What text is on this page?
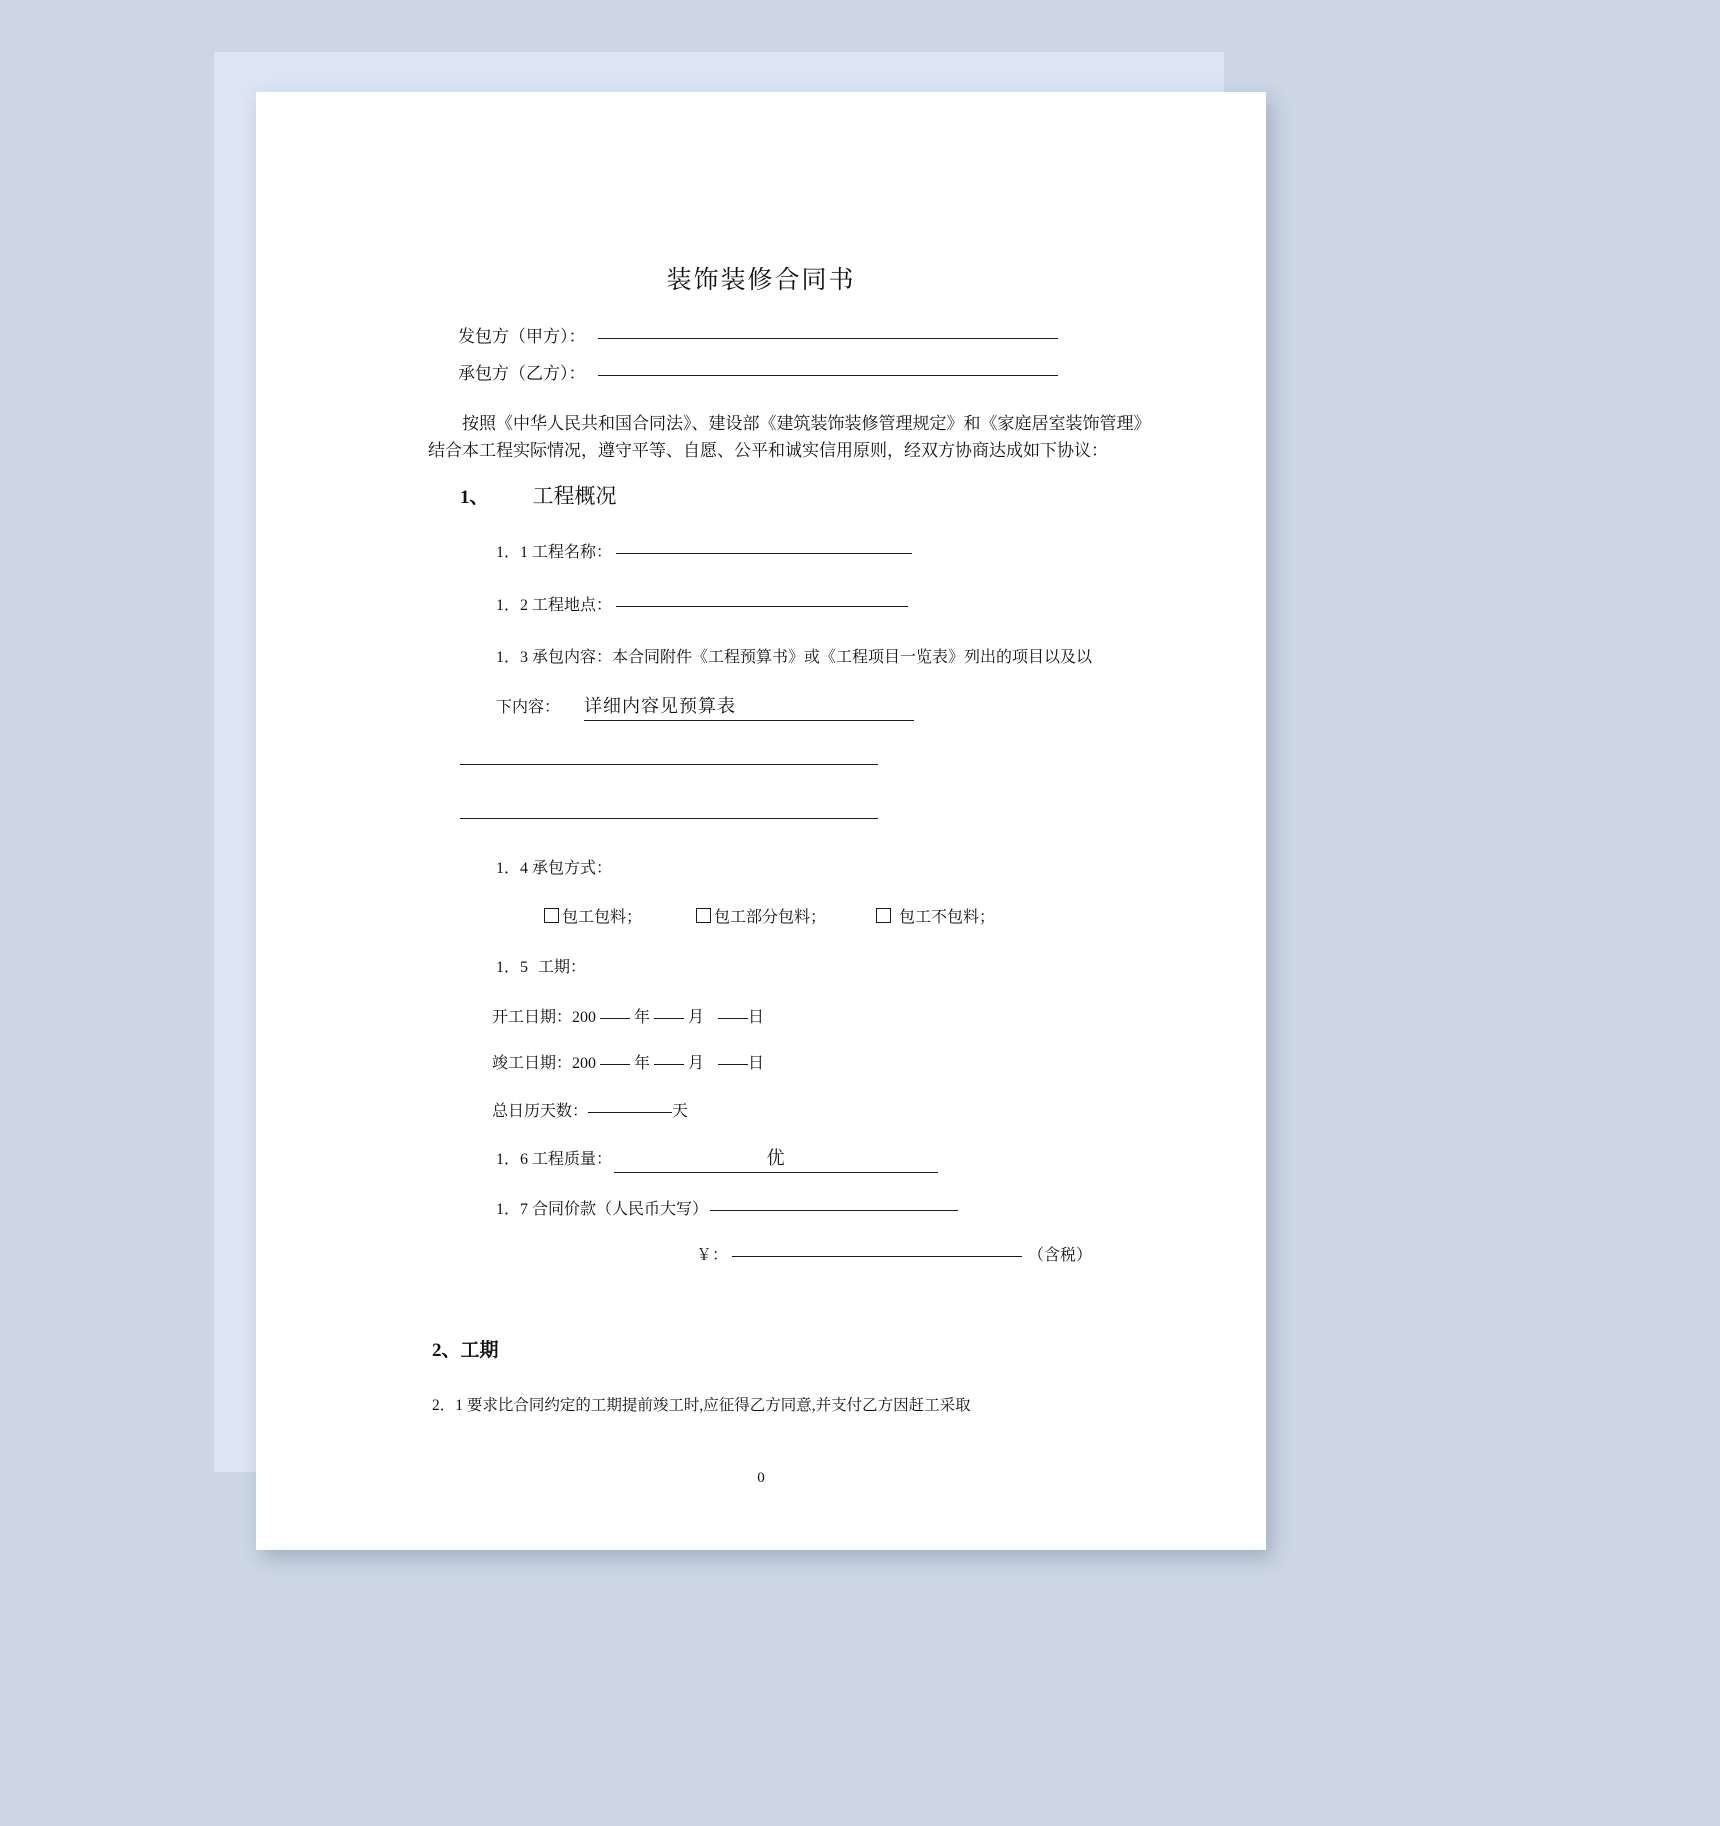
装饰装修合同书
发包方（甲方）：
承包方（乙方）：
按照《中华人民共和国合同法》、建设部《建筑装饰装修管理规定》和《家庭居室装饰管理》
结合本工程实际情况，遵守平等、自愿、公平和诚实信用原则，经双方协商达成如下协议：
1、 工程概况
1．1 工程名称：
1．2 工程地点：
1．3 承包内容：本合同附件《工程预算书》或《工程项目一览表》列出的项目以及以
下内容： 详细内容见预算表
1．4 承包方式：
包工包料；	包工部分包料；	包工不包料；
1．5 工期：
开工日期：200 年 月	日
竣工日期：200 年 月	日
总日历天数：	天
1．6 工程质量：	优
1．7 合同价款（人民币大写）
￥：	（含税）
2、工期
2．1 要求比合同约定的工期提前竣工时,应征得乙方同意,并支付乙方因赶工采取
0
